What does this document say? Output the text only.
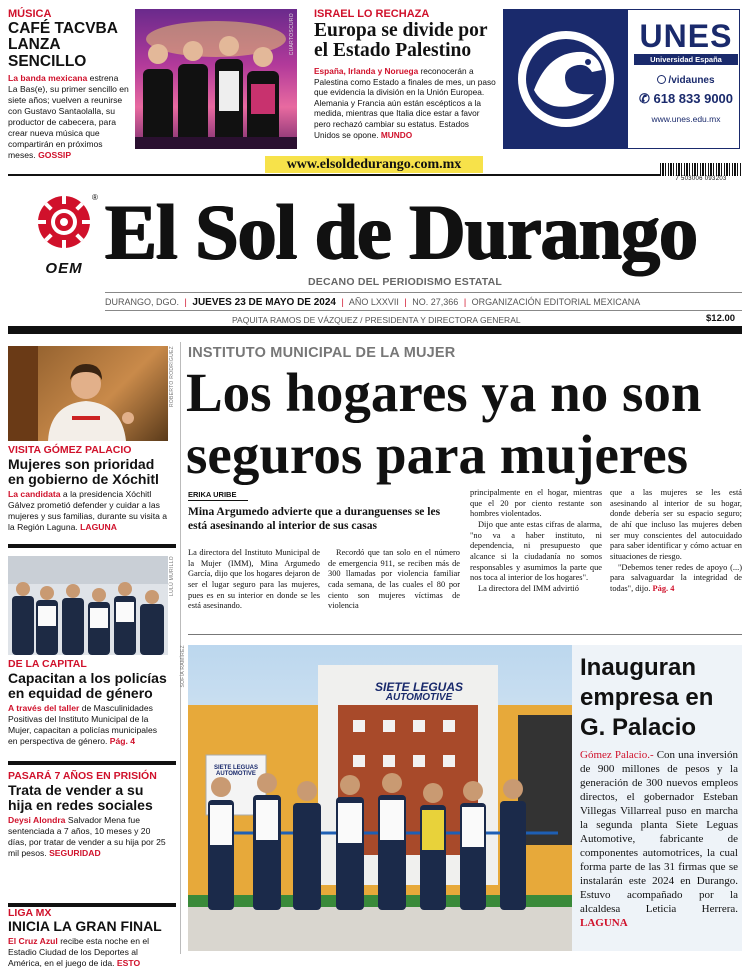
MÚSICA
CAFÉ TACVBA LANZA SENCILLO
La banda mexicana estrena La Bas(e), su primer sencillo en siete años; vuelven a reunirse con Gustavo Santaolalla, su productor de cabecera, para crear nueva música que compartirán en próximos meses. GOSSIP
CUARTOSCURO ISRAEL LO RECHAZA
Europa se divide por el Estado Palestino
España, Irlanda y Noruega reconocerán a Palestina como Estado a finales de mes, un paso que evidencia la división en la Unión Europea. Alemania y Francia aún están escépticos a la medida, mientras que Italia dice estar a favor pero rechazó cambiar su estatus. Estados Unidos se opone. MUNDO
UNES
Universidad España
/vidaunes
✆ 618 833 9000
www.unes.edu.mx
www.elsoldedurango.com.mx
7 503006 093203
®
OEM El Sol de Durango
DECANO DEL PERIODISMO ESTATAL
DURANGO, DGO. | JUEVES 23 DE MAYO DE 2024 | AÑO LXXVII | NO. 27,366 | ORGANIZACIÓN EDITORIAL MEXICANA
PAQUITA RAMOS DE VÁZQUEZ / PRESIDENTA Y DIRECTORA GENERAL	$12.00
ROBERTO RODRÍGUEZ
VISITA GÓMEZ PALACIO
Mujeres son prioridad en gobierno de Xóchitl
La candidata a la presidencia Xóchitl Gálvez prometió defender y cuidar a las mujeres y sus familias, durante su visita a la Región Laguna. LAGUNA
LULÚ MURILLO
DE LA CAPITAL
Capacitan a los policías en equidad de género
A través del taller de Masculinidades Positivas del Instituto Municipal de la Mujer, capacitan a policías municipales en perspectiva de género. Pág. 4
PASARÁ 7 AÑOS EN PRISIÓN
Trata de vender a su hija en redes sociales
Deysi Alondra Salvador Mena fue sentenciada a 7 años, 10 meses y 20 días, por tratar de vender a su hija por 25 mil pesos. SEGURIDAD
LIGA MX
INICIA LA GRAN FINAL
El Cruz Azul recibe esta noche en el Estadio Ciudad de los Deportes al América, en el juego de ida. ESTO
INSTITUTO MUNICIPAL DE LA MUJER
Los hogares ya no son
seguros para mujeres
ERIKA URIBE
Mina Argumedo advierte que a duranguenses se les está asesinando al interior de sus casas
La directora del Instituto Municipal de la Mujer (IMM), Mina Argumedo García, dijo que los hogares dejaron de ser el lugar seguro para las mujeres, pues es en su interior en donde se les está asesinando.
Recordó que tan solo en el número de emergencia 911, se reciben más de 300 llamadas por violencia familiar cada semana, de las cuales el 80 por ciento son mujeres víctimas de violencia
principalmente en el hogar, mientras que el 20 por ciento restante son hombres violentados.
Dijo que ante estas cifras de alarma, "no va a haber instituto, ni dependencia, ni presupuesto que alcance si la ciudadanía no somos responsables y asumimos la parte que nos toca al interior de los hogares".
La directora del IMM advirtió
que a las mujeres se les está asesinando al interior de su hogar, donde debería ser su espacio seguro; de ahí que incluso las mujeres deben ser muy conscientes del autocuidado para saber identificar y cómo actuar en situaciones de riesgo.
"Debemos tener redes de apoyo (...) para salvaguardar la integridad de todas", dijo. Pág. 4
SIETE LEGUAS
AUTOMOTIVE
SIETE LEGUAS AUTOMOTIVE
SOFÍA RAMÍREZ	Inauguran empresa en G. Palacio
Gómez Palacio.- Con una inversión de 900 millones de pesos y la generación de 300 nuevos empleos directos, el gobernador Esteban Villegas Villarreal puso en marcha la segunda planta Siete Leguas Automotive, fabricante de componentes automotrices, la cual forma parte de las 31 firmas que se instalarán este 2024 en Durango. Estuvo acompañado por la alcaldesa Leticia Herrera. LAGUNA
